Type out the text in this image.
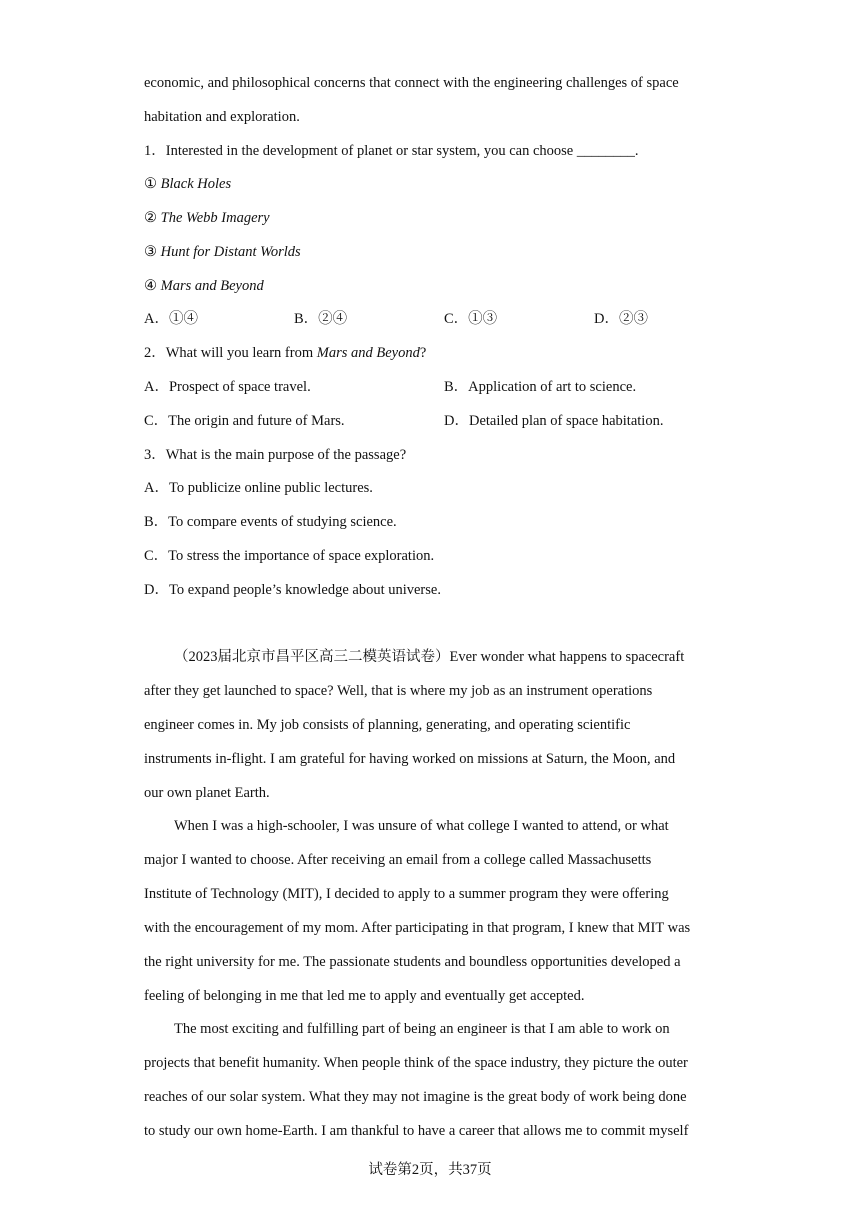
economic, and philosophical concerns that connect with the engineering challenges of space
habitation and exploration.
1．Interested in the development of planet or star system, you can choose ________.
① Black Holes
② The Webb Imagery
③ Hunt for Distant Worlds
④ Mars and Beyond
A．①④	B．②④	C．①③	D．②③
2．What will you learn from Mars and Beyond?
A．Prospect of space travel.	B．Application of art to science.
C．The origin and future of Mars.	D．Detailed plan of space habitation.
3．What is the main purpose of the passage?
A．To publicize online public lectures.
B．To compare events of studying science.
C．To stress the importance of space exploration.
D．To expand people’s knowledge about universe.
（2023届北京市昌平区高三二模英语试卷）Ever wonder what happens to spacecraft
after they get launched to space? Well, that is where my job as an instrument operations
engineer comes in. My job consists of planning, generating, and operating scientific
instruments in-flight. I am grateful for having worked on missions at Saturn, the Moon, and
our own planet Earth.
When I was a high-schooler, I was unsure of what college I wanted to attend, or what
major I wanted to choose. After receiving an email from a college called Massachusetts
Institute of Technology (MIT), I decided to apply to a summer program they were offering
with the encouragement of my mom. After participating in that program, I knew that MIT was
the right university for me. The passionate students and boundless opportunities developed a
feeling of belonging in me that led me to apply and eventually get accepted.
The most exciting and fulfilling part of being an engineer is that I am able to work on
projects that benefit humanity. When people think of the space industry, they picture the outer
reaches of our solar system. What they may not imagine is the great body of work being done
to study our own home-Earth. I am thankful to have a career that allows me to commit myself
试卷第2页，共37页
